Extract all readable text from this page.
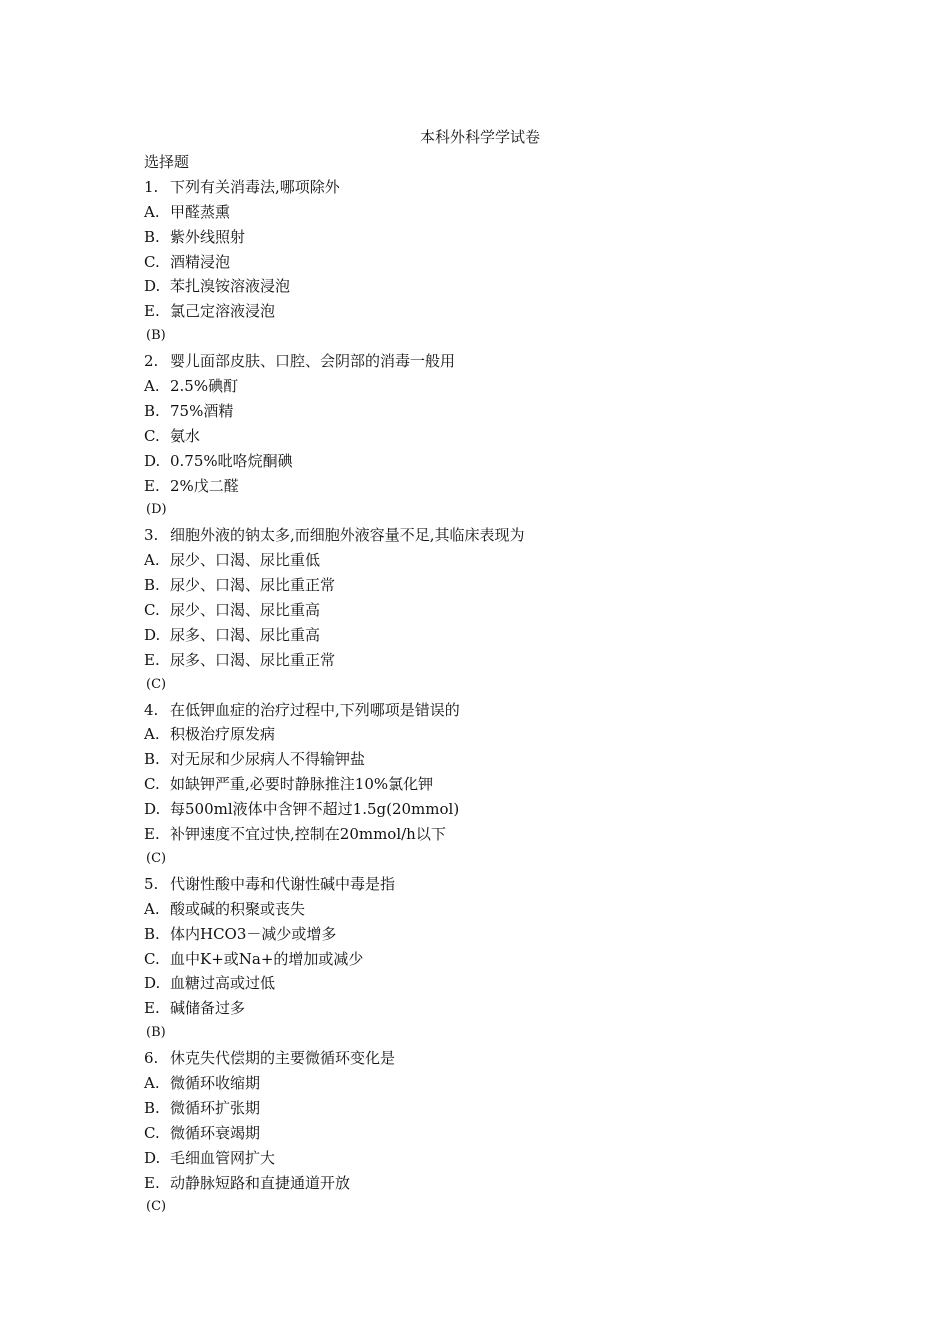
本科外科学学试卷
选择题
1. 下列有关消毒法,哪项除外
A. 甲醛蒸熏
B. 紫外线照射
C. 酒精浸泡
D. 苯扎溴铵溶液浸泡
E. 氯己定溶液浸泡
(B)
2. 婴儿面部皮肤、口腔、会阴部的消毒一般用
A. 2.5%碘酊
B. 75%酒精
C. 氨水
D. 0.75%吡咯烷酮碘
E. 2%戊二醛
(D)
3. 细胞外液的钠太多,而细胞外液容量不足,其临床表现为
A. 尿少、口渴、尿比重低
B. 尿少、口渴、尿比重正常
C. 尿少、口渴、尿比重高
D. 尿多、口渴、尿比重高
E. 尿多、口渴、尿比重正常
(C)
4. 在低钾血症的治疗过程中,下列哪项是错误的
A. 积极治疗原发病
B. 对无尿和少尿病人不得输钾盐
C. 如缺钾严重,必要时静脉推注10%氯化钾
D. 每500ml液体中含钾不超过1.5g(20mmol)
E. 补钾速度不宜过快,控制在20mmol/h以下
(C)
5. 代谢性酸中毒和代谢性碱中毒是指
A. 酸或碱的积聚或丧失
B. 体内HCO3－减少或增多
C. 血中K+或Na+的增加或减少
D. 血糖过高或过低
E. 碱储备过多
(B)
6. 休克失代偿期的主要微循环变化是
A. 微循环收缩期
B. 微循环扩张期
C. 微循环衰竭期
D. 毛细血管网扩大
E. 动静脉短路和直捷通道开放
(C)
